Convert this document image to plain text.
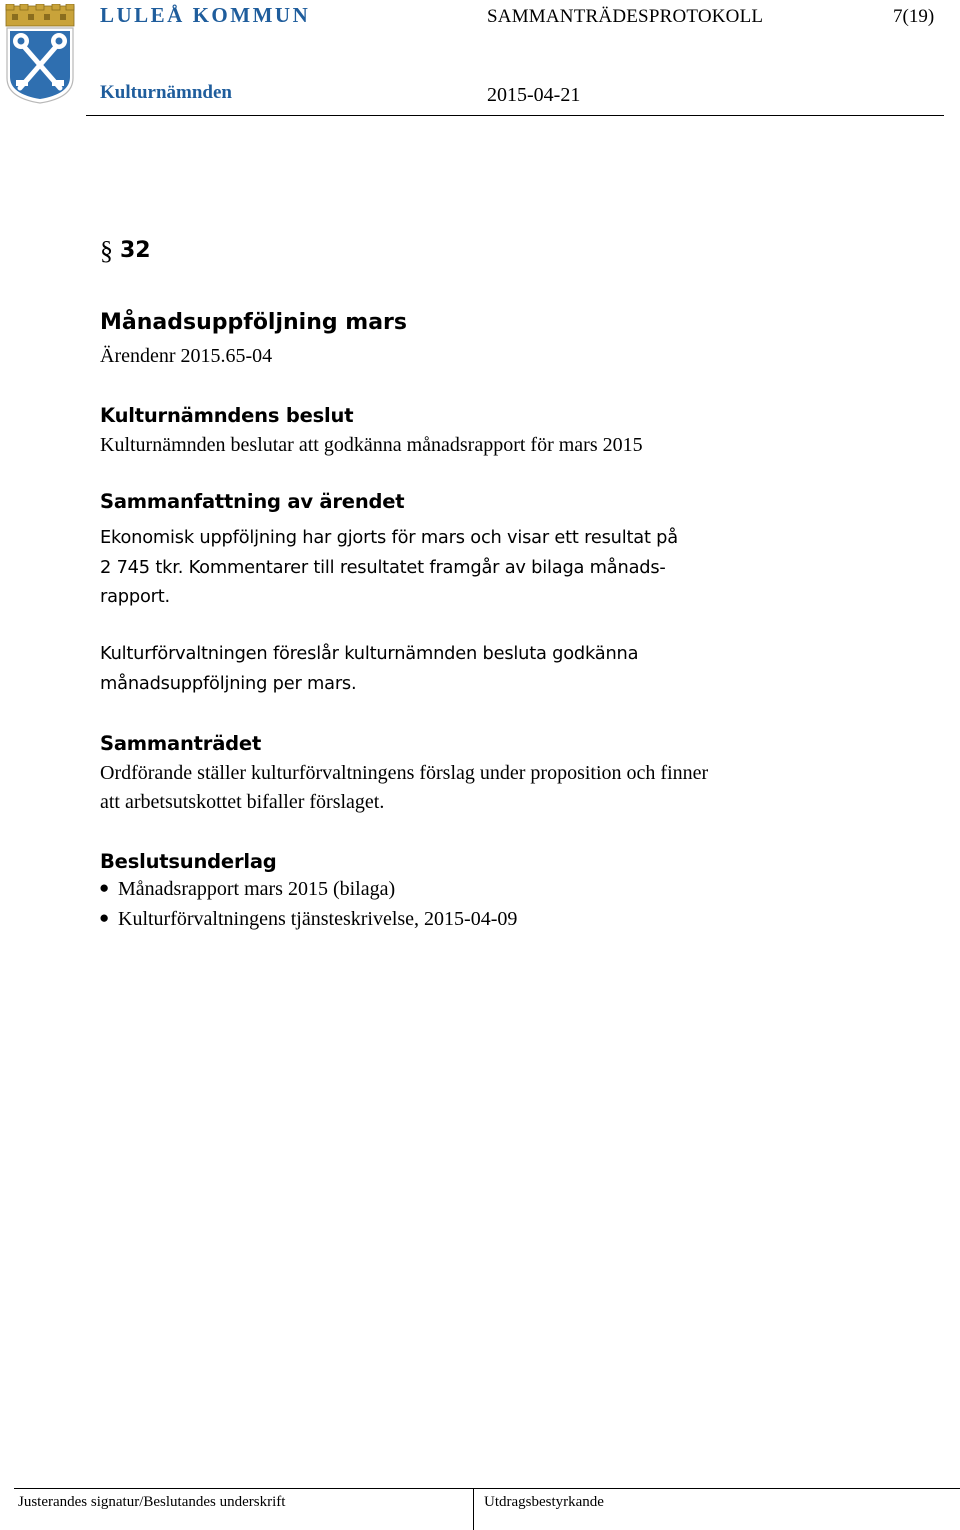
LULEÅ KOMMUN	SAMMANTRÄDESPROTOKOLL	7(19)
Kulturnämnden	2015-04-21
§ 32
Månadsuppföljning mars
Ärendenr 2015.65-04
Kulturnämndens beslut
Kulturnämnden beslutar att godkänna månadsrapport för mars 2015
Sammanfattning av ärendet
Ekonomisk uppföljning har gjorts för mars och visar ett resultat på
2 745 tkr. Kommentarer till resultatet framgår av bilaga månads-
rapport.
Kulturförvaltningen föreslår kulturnämnden besluta godkänna
månadsuppföljning per mars.
Sammanträdet
Ordförande ställer kulturförvaltningens förslag under proposition och finner
att arbetsutskottet bifaller förslaget.
Beslutsunderlag
● Månadsrapport mars 2015 (bilaga)
● Kulturförvaltningens tjänsteskrivelse, 2015-04-09
Justerandes signatur/Beslutandes underskrift	Utdragsbestyrkande
